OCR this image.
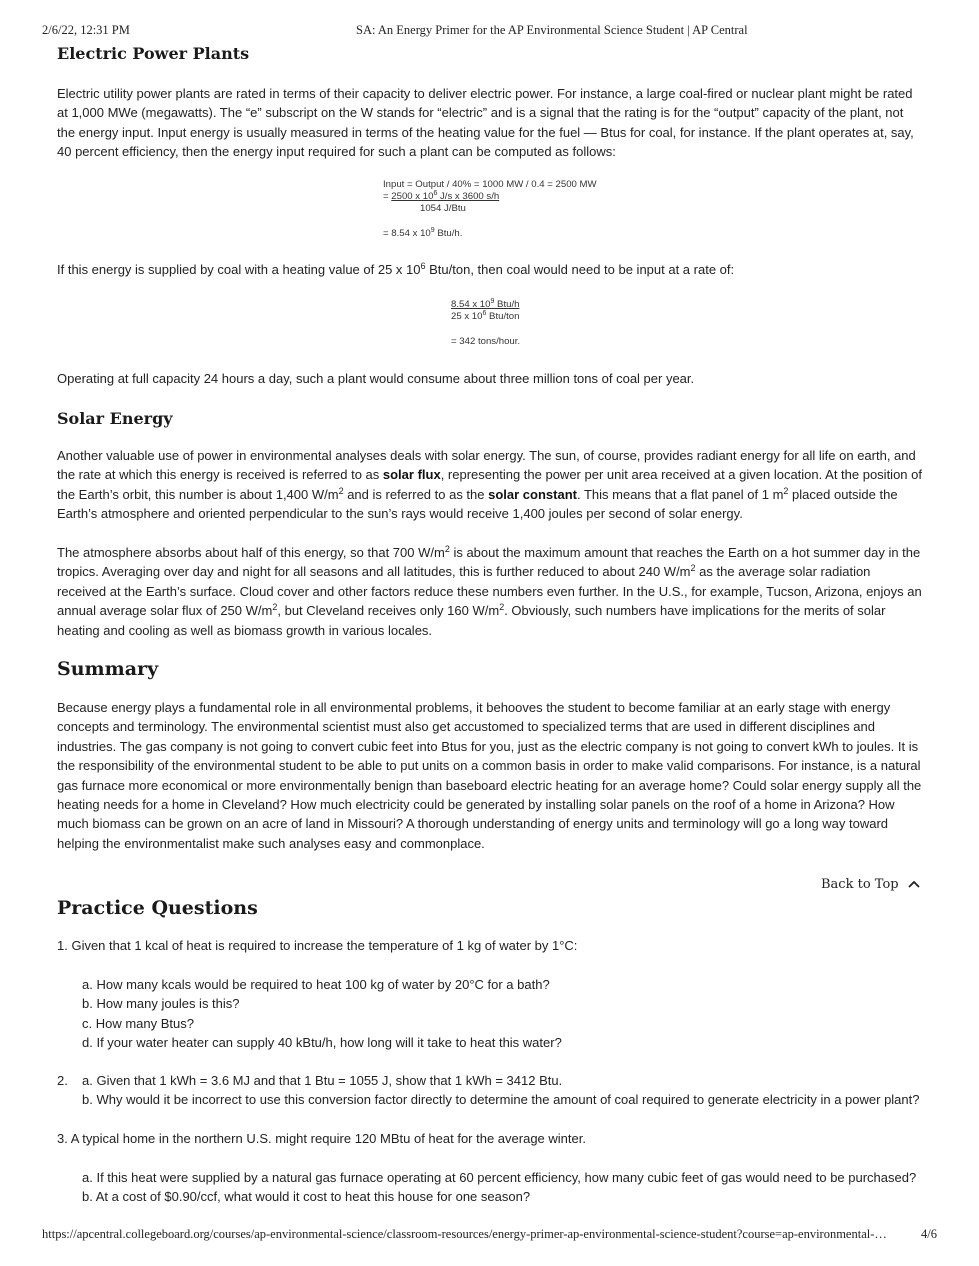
2/6/22, 12:31 PM	SA: An Energy Primer for the AP Environmental Science Student | AP Central
Electric Power Plants

Electric utility power plants are rated in terms of their capacity to deliver electric power. For instance, a large coal-fired or nuclear plant might be rated at 1,000 MWe (megawatts). The “e” subscript on the W stands for “electric” and is a signal that the rating is for the “output” capacity of the plant, not the energy input. Input energy is usually measured in terms of the heating value for the fuel — Btus for coal, for instance. If the plant operates at, say, 40 percent efficiency, then the energy input required for such a plant can be computed as follows:

Input = Output / 40% = 1000 MW / 0.4 = 2500 MW
= 2500 x $10^6$ J/s x 3600 s/h
1054 J/Btu
= 8.54 x $10^9$ Btu/h.

If this energy is supplied by coal with a heating value of 25 x $10^6$ Btu/ton, then coal would need to be input at a rate of:

8.54 x $10^9$ Btu/h
25 x $10^6$ Btu/ton
= 342 tons/hour.

Operating at full capacity 24 hours a day, such a plant would consume about three million tons of coal per year.

Solar Energy

Another valuable use of power in environmental analyses deals with solar energy. The sun, of course, provides radiant energy for all life on earth, and the rate at which this energy is received is referred to as solar flux, representing the power per unit area received at a given location. At the position of the Earth’s orbit, this number is about 1,400 $W/m^2$ and is referred to as the solar constant. This means that a flat panel of 1 $m^2$ placed outside the Earth’s atmosphere and oriented perpendicular to the sun’s rays would receive 1,400 joules per second of solar energy.

The atmosphere absorbs about half of this energy, so that 700 $W/m^2$ is about the maximum amount that reaches the Earth on a hot summer day in the tropics. Averaging over day and night for all seasons and all latitudes, this is further reduced to about 240 $W/m^2$ as the average solar radiation received at the Earth’s surface. Cloud cover and other factors reduce these numbers even further. In the U.S., for example, Tucson, Arizona, enjoys an annual average solar flux of 250 $W/m^2$, but Cleveland receives only 160 $W/m^2$. Obviously, such numbers have implications for the merits of solar heating and cooling as well as biomass growth in various locales.

Summary

Because energy plays a fundamental role in all environmental problems, it behooves the student to become familiar at an early stage with energy concepts and terminology. The environmental scientist must also get accustomed to specialized terms that are used in different disciplines and industries. The gas company is not going to convert cubic feet into Btus for you, just as the electric company is not going to convert kWh to joules. It is the responsibility of the environmental student to be able to put units on a common basis in order to make valid comparisons. For instance, is a natural gas furnace more economical or more environmentally benign than baseboard electric heating for an average home? Could solar energy supply all the heating needs for a home in Cleveland? How much electricity could be generated by installing solar panels on the roof of a home in Arizona? How much biomass can be grown on an acre of land in Missouri? A thorough understanding of energy units and terminology will go a long way toward helping the environmentalist make such analyses easy and commonplace.

Practice Questions

1. Given that 1 kcal of heat is required to increase the temperature of 1 kg of water by 1°C:

a. How many kcals would be required to heat 100 kg of water by 20°C for a bath?
b. How many joules is this?
c. How many Btus?
d. If your water heater can supply 40 kBtu/h, how long will it take to heat this water?

2. a. Given that 1 kWh = 3.6 MJ and that 1 Btu = 1055 J, show that 1 kWh = 3412 Btu.
b. Why would it be incorrect to use this conversion factor directly to determine the amount of coal required to generate electricity in a power plant?

3. A typical home in the northern U.S. might require 120 MBtu of heat for the average winter.

a. If this heat were supplied by a natural gas furnace operating at 60 percent efficiency, how many cubic feet of gas would need to be purchased?
b. At a cost of $0.90/ccf, what would it cost to heat this house for one season?
Back to Top
https://apcentral.collegeboard.org/courses/ap-environmental-science/classroom-resources/energy-primer-ap-environmental-science-student?course=ap-environmental-…	4/6
